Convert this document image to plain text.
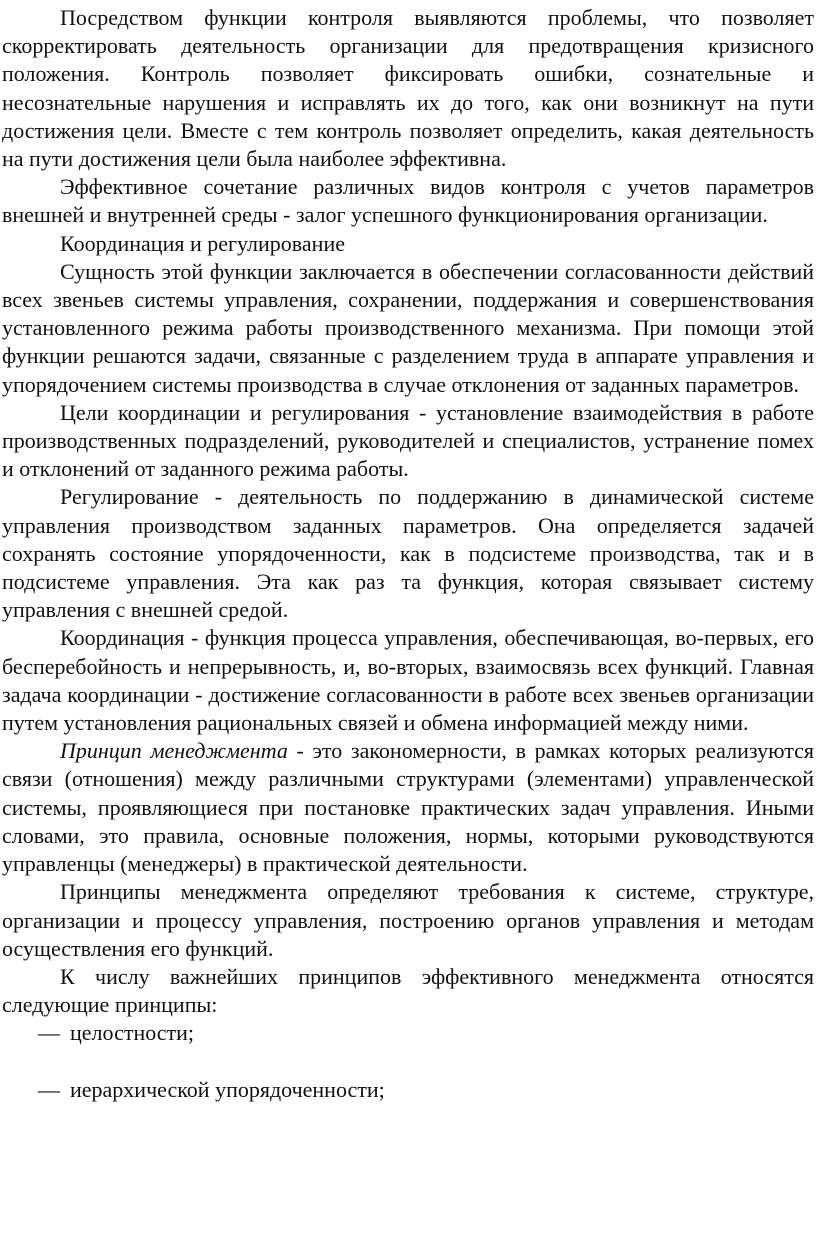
Посредством функции контроля выявляются проблемы, что позволяет скорректировать деятельность организации для предотвращения кризисного положения. Контроль позволяет фиксировать ошибки, сознательные и несознательные нарушения и исправлять их до того, как они возникнут на пути достижения цели. Вместе с тем контроль позволяет определить, какая деятельность на пути достижения цели была наиболее эффективна.

Эффективное сочетание различных видов контроля с учетов параметров внешней и внутренней среды - залог успешного функционирования организации.

Координация и регулирование

Сущность этой функции заключается в обеспечении согласованности действий всех звеньев системы управления, сохранении, поддержания и совершенствования установленного режима работы производственного механизма. При помощи этой функции решаются задачи, связанные с разделением труда в аппарате управления и упорядочением системы производства в случае отклонения от заданных параметров.

Цели координации и регулирования - установление взаимодействия в работе производственных подразделений, руководителей и специалистов, устранение помех и отклонений от заданного режима работы.

Регулирование - деятельность по поддержанию в динамической системе управления производством заданных параметров. Она определяется задачей сохранять состояние упорядоченности, как в подсистеме производства, так и в подсистеме управления. Эта как раз та функция, которая связывает систему управления с внешней средой.

Координация - функция процесса управления, обеспечивающая, во-первых, его бесперебойность и непрерывность, и, во-вторых, взаимосвязь всех функций. Главная задача координации - достижение согласованности в работе всех звеньев организации путем установления рациональных связей и обмена информацией между ними.

Принцип менеджмента - это закономерности, в рамках которых реализуются связи (отношения) между различными структурами (элементами) управленческой системы, проявляющиеся при постановке практических задач управления. Иными словами, это правила, основные положения, нормы, которыми руководствуются управленцы (менеджеры) в практической деятельности.

Принципы менеджмента определяют требования к системе, структуре, организации и процессу управления, построению органов управления и методам осуществления его функций.

К числу важнейших принципов эффективного менеджмента относятся следующие принципы:

— целостности;
— иерархической упорядоченности;
